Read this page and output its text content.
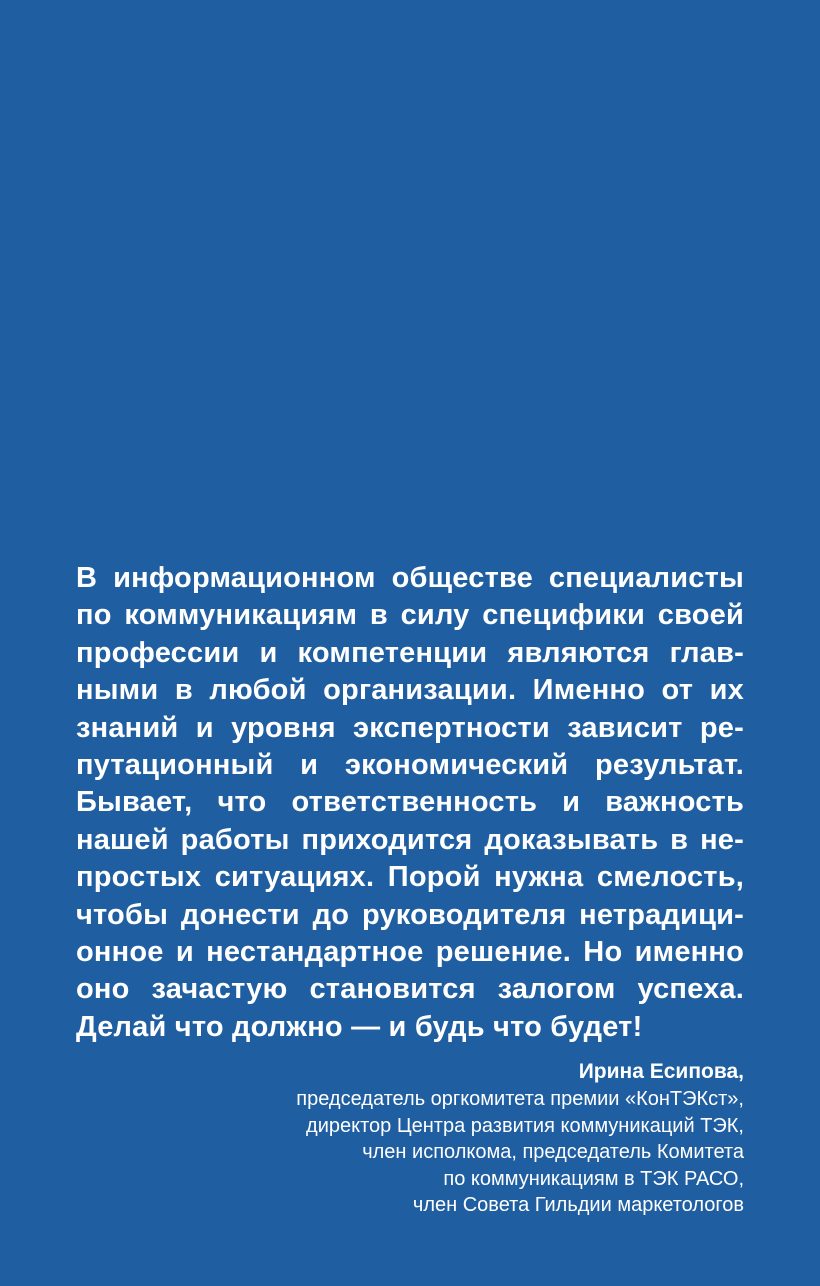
В информационном обществе специалисты
по коммуникациям в силу специфики своей
профессии и компетенции являются глав-
ными в любой организации. Именно от их
знаний и уровня экспертности зависит ре-
путационный и экономический результат.
Бывает, что ответственность и важность
нашей работы приходится доказывать в не-
простых ситуациях. Порой нужна смелость,
чтобы донести до руководителя нетрадици-
онное и нестандартное решение. Но именно
оно зачастую становится залогом успеха.
Делай что должно — и будь что будет!
Ирина Есипова,
председатель оргкомитета премии «КонТЭКст»,
директор Центра развития коммуникаций ТЭК,
член исполкома, председатель Комитета
по коммуникациям в ТЭК РАСО,
член Совета Гильдии маркетологов
